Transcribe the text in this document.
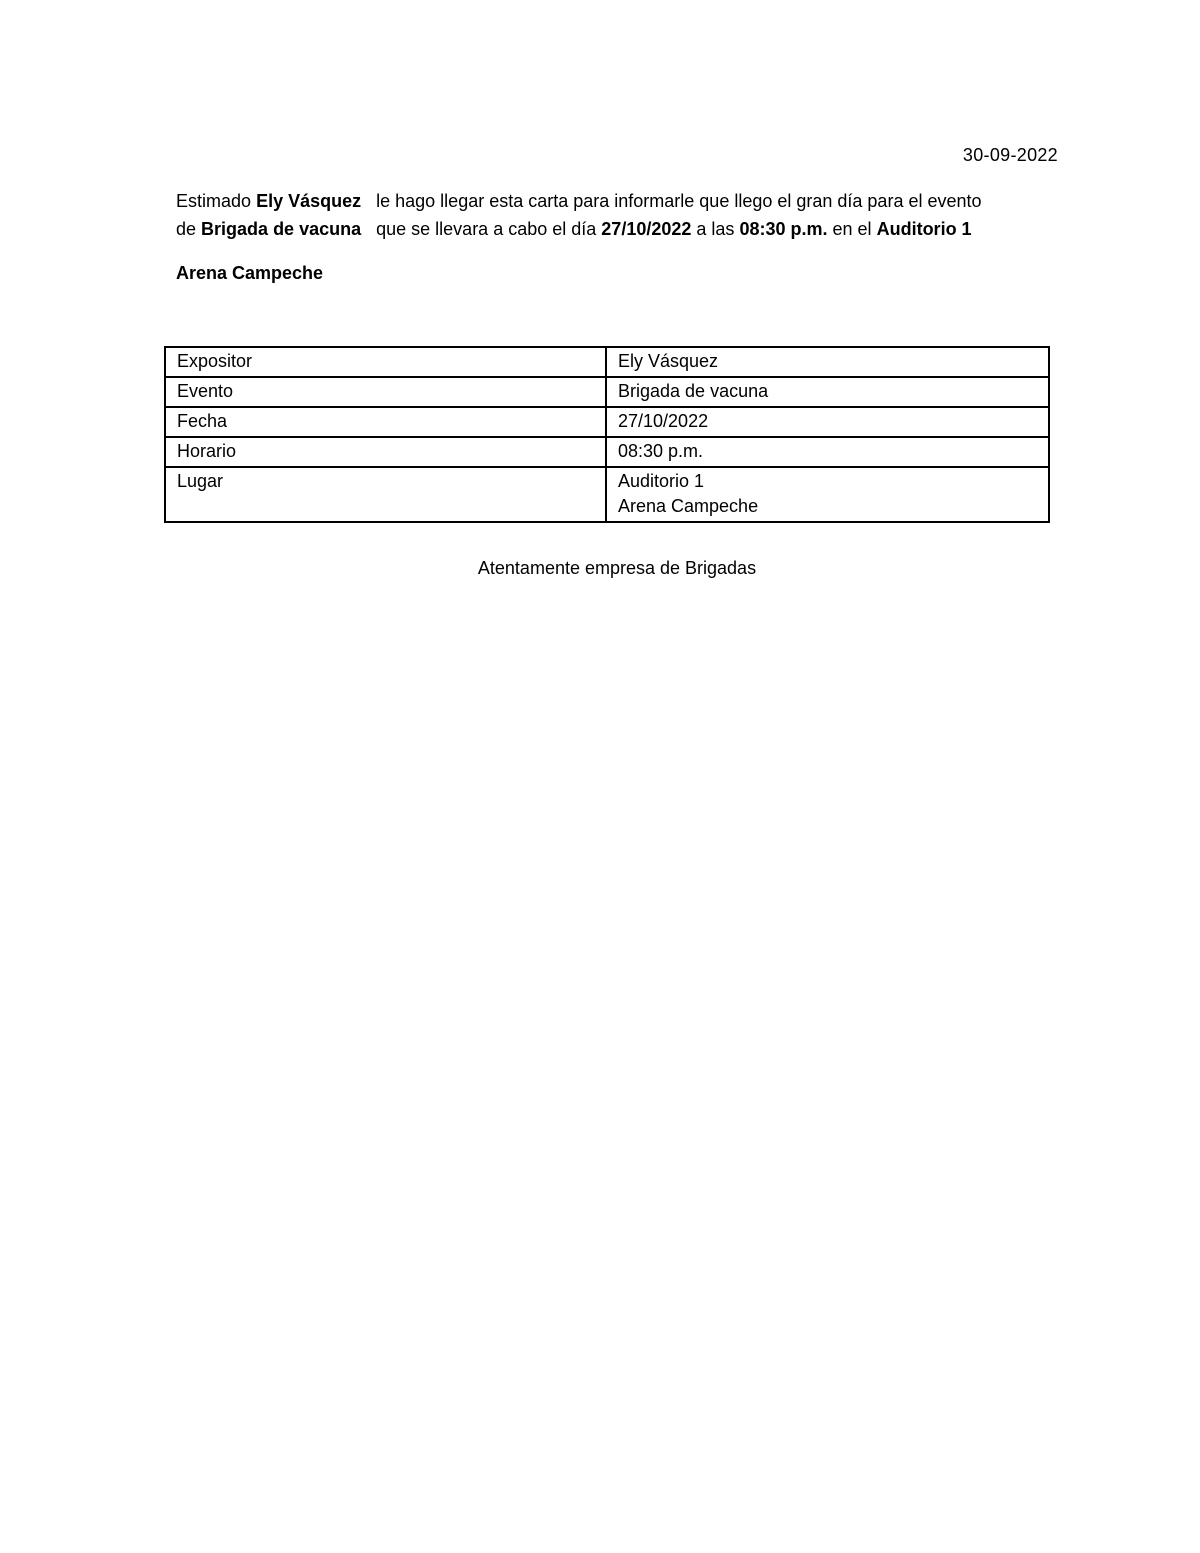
30-09-2022
Estimado Ely Vásquez le hago llegar esta carta para informarle que llego el gran día para el evento
de Brigada de vacuna que se llevara a cabo el día 27/10/2022 a las 08:30 p.m. en el Auditorio 1
Arena Campeche
Expositor	Ely Vásquez

Evento	Brigada de vacuna

Fecha	27/10/2022

Horario	08:30 p.m.

Lugar	Auditorio 1
Arena Campeche
Atentamente empresa de Brigadas
